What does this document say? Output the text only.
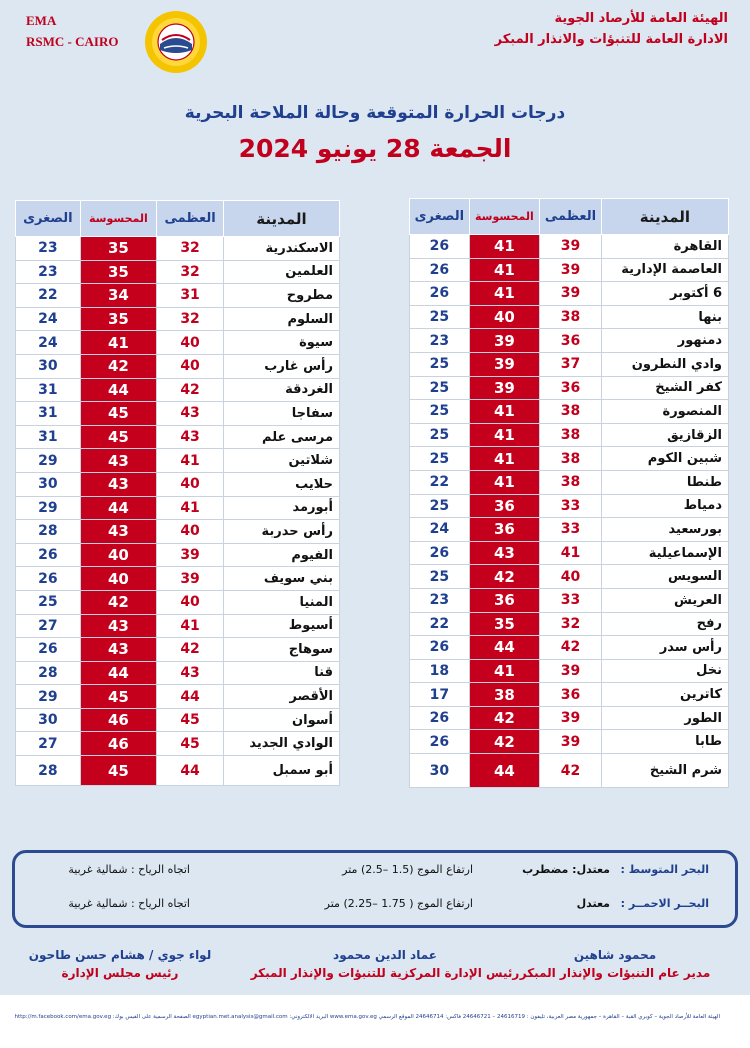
EMA
RSMC - CAIRO
الهيئة العامة للأرصاد الجوية
الادارة العامة للتنبؤات والانذار المبكر
درجات الحرارة المتوقعة وحالة الملاحة البحرية
الجمعة 28 يونيو 2024
المدينة	العظمى	المحسوسة	الصغرى
القاهرة	39	41	26
العاصمة الإدارية	39	41	26
6 أكتوبر	39	41	26
بنها	38	40	25
دمنهور	36	39	23
وادي النطرون	37	39	25
كفر الشيخ	36	39	25
المنصورة	38	41	25
الزقازيق	38	41	25
شبين الكوم	38	41	25
طنطا	38	41	22
دمياط	33	36	25
بورسعيد	33	36	24
الإسماعيلية	41	43	26
السويس	40	42	25
العريش	33	36	23
رفح	32	35	22
رأس سدر	42	44	26
نخل	39	41	18
كاترين	36	38	17
الطور	39	42	26
طابا	39	42	26
شرم الشيخ	42	44	30
المدينة	العظمى	المحسوسة	الصغرى
الاسكندرية	32	35	23
العلمين	32	35	23
مطروح	31	34	22
السلوم	32	35	24
سيوة	40	41	24
رأس غارب	40	42	30
الغردقة	42	44	31
سفاجا	43	45	31
مرسى علم	43	45	31
شلاتين	41	43	29
حلايب	40	43	30
أبورمد	41	44	29
رأس حدربة	40	43	28
الفيوم	39	40	26
بني سويف	39	40	26
المنيا	40	42	25
أسيوط	41	43	27
سوهاج	42	43	26
قنا	43	44	28
الأقصر	44	45	29
أسوان	45	46	30
الوادي الجديد	45	46	27
أبو سمبل	44	45	28
البحر المتوسط :
معتدل: مضطرب
ارتفاع الموج (1.5 –2.5) متر
اتجاه الرياح : شمالية غربية
البحــر الاحمــر :
معتدل
ارتفاع الموج ( 1.75 –2.25) متر
اتجاه الرياح : شمالية غربية
محمود شاهين
مدير عام التنبؤات والإنذار المبكر
عماد الدين محمود
رئيس الإدارة المركزية للتنبؤات والإنذار المبكر
لواء جوي / هشام حسن طاحون
رئيس مجلس الإدارة
الهيئة العامة للأرصاد الجوية – كوبري القبة – القاهرة – جمهورية مصر العربية، تليفون : 24616719 – 24646721 فاكس: 24646714 الموقع الرسمي www.ema.gov.eg البريد الالكتروني: egyptian.met.analysis@gmail.com الصفحة الرسمية على الفيس بوك: http://m.facebook.com/ema.gov.eg
